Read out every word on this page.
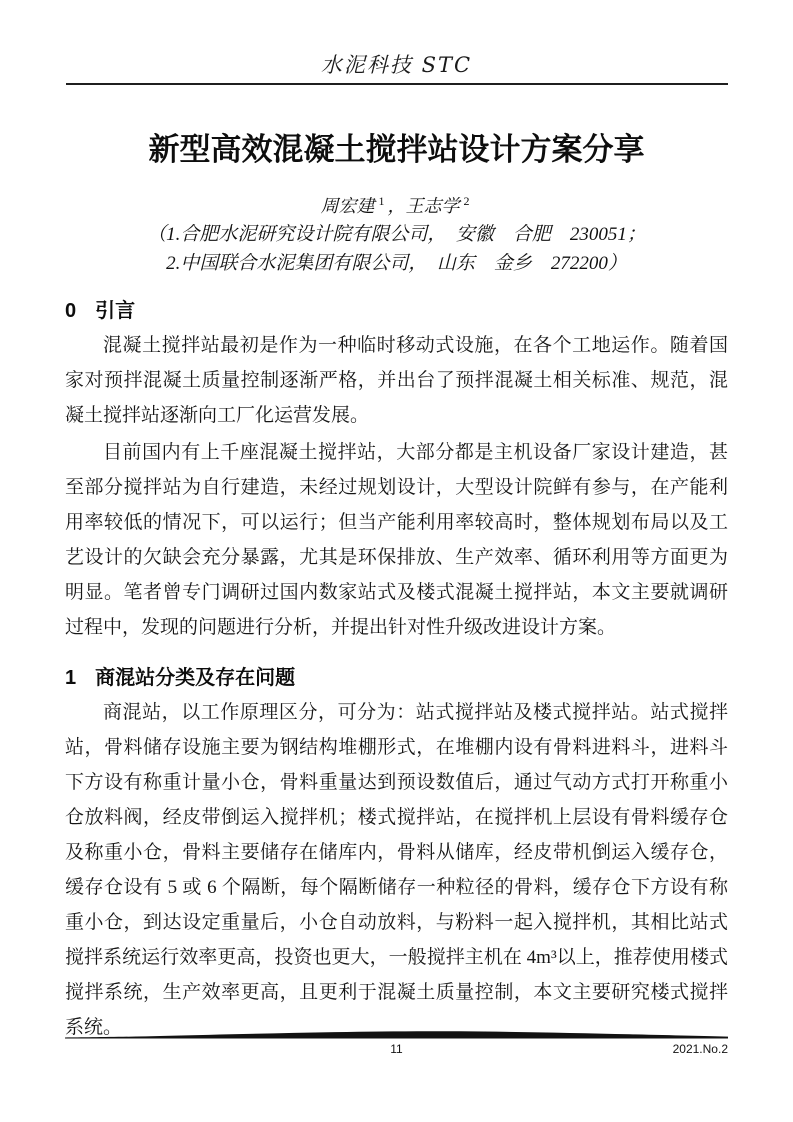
水泥科技 STC
新型高效混凝土搅拌站设计方案分享
周宏建 $^1$ ，王志学 $^2$
（1.合肥水泥研究设计院有限公司，　安徽　合肥　230051；
2.中国联合水泥集团有限公司，　山东　金乡　272200）
0 引言

混凝土搅拌站最初是作为一种临时移动式设施，在各个工地运作。随着国家对预拌混凝土质量控制逐渐严格，并出台了预拌混凝土相关标准、规范，混凝土搅拌站逐渐向工厂化运营发展。

目前国内有上千座混凝土搅拌站，大部分都是主机设备厂家设计建造，甚至部分搅拌站为自行建造，未经过规划设计，大型设计院鲜有参与，在产能利用率较低的情况下，可以运行；但当产能利用率较高时，整体规划布局以及工艺设计的欠缺会充分暴露，尤其是环保排放、生产效率、循环利用等方面更为明显。笔者曾专门调研过国内数家站式及楼式混凝土搅拌站，本文主要就调研过程中，发现的问题进行分析，并提出针对性升级改进设计方案。

1 商混站分类及存在问题

商混站，以工作原理区分，可分为：站式搅拌站及楼式搅拌站。站式搅拌站，骨料储存设施主要为钢结构堆棚形式，在堆棚内设有骨料进料斗，进料斗下方设有称重计量小仓，骨料重量达到预设数值后，通过气动方式打开称重小仓放料阀，经皮带倒运入搅拌机；楼式搅拌站，在搅拌机上层设有骨料缓存仓及称重小仓，骨料主要储存在储库内，骨料从储库，经皮带机倒运入缓存仓，缓存仓设有 5 或 6 个隔断，每个隔断储存一种粒径的骨料，缓存仓下方设有称重小仓，到达设定重量后，小仓自动放料，与粉料一起入搅拌机，其相比站式搅拌系统运行效率更高，投资也更大，一般搅拌主机在 4m³以上，推荐使用楼式搅拌系统，生产效率更高，且更利于混凝土质量控制，本文主要研究楼式搅拌系统。

11	2021.No.2
